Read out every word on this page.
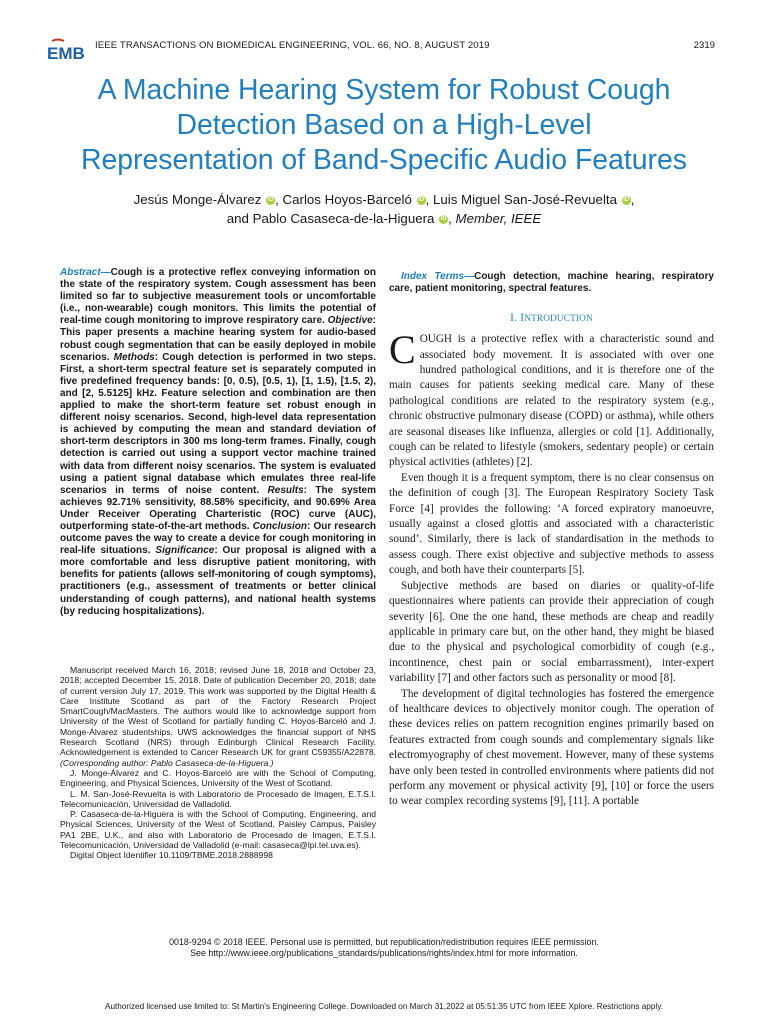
EMB IEEE TRANSACTIONS ON BIOMEDICAL ENGINEERING, VOL. 66, NO. 8, AUGUST 2019	2319
A Machine Hearing System for Robust Cough
Detection Based on a High-Level
Representation of Band-Specific Audio Features
Jesús Monge-Álvarez iD , Carlos Hoyos-Barceló iD , Luis Miguel San-José-Revuelta iD ,
and Pablo Casaseca-de-la-Higuera iD , Member, IEEE
Abstract—Cough is a protective reflex conveying information on the state of the respiratory system. Cough assessment has been limited so far to subjective measurement tools or uncomfortable (i.e., non-wearable) cough monitors. This limits the potential of real-time cough monitoring to improve respiratory care. Objective: This paper presents a machine hearing system for audio-based robust cough segmentation that can be easily deployed in mobile scenarios. Methods: Cough detection is performed in two steps. First, a short-term spectral feature set is separately computed in five predefined frequency bands: [0, 0.5), [0.5, 1), [1, 1.5), [1.5, 2), and [2, 5.5125] kHz. Feature selection and combination are then applied to make the short-term feature set robust enough in different noisy scenarios. Second, high-level data representation is achieved by computing the mean and standard deviation of short-term descriptors in 300 ms long-term frames. Finally, cough detection is carried out using a support vector machine trained with data from different noisy scenarios. The system is evaluated using a patient signal database which emulates three real-life scenarios in terms of noise content. Results: The system achieves 92.71% sensitivity, 88.58% specificity, and 90.69% Area Under Receiver Operating Charteristic (ROC) curve (AUC), outperforming state-of-the-art methods. Conclusion: Our research outcome paves the way to create a device for cough monitoring in real-life situations. Significance: Our proposal is aligned with a more comfortable and less disruptive patient monitoring, with benefits for patients (allows self-monitoring of cough symptoms), practitioners (e.g., assessment of treatments or better clinical understanding of cough patterns), and national health systems (by reducing hospitalizations).

Manuscript received March 16, 2018; revised June 18, 2018 and October 23, 2018; accepted December 15, 2018. Date of publication December 20, 2018; date of current version July 17, 2019. This work was supported by the Digital Health & Care Institute Scotland as part of the Factory Research Project SmartCough/MacMasters. The authors would like to acknowledge support from University of the West of Scotland for partially funding C. Hoyos-Barceló and J. Monge-Álvarez studentships. UWS acknowledges the financial support of NHS Research Scotland (NRS) through Edinburgh Clinical Research Facility. Acknowledgement is extended to Cancer Research UK for grant C59355/A22878. (Corresponding author: Pablo Casaseca-de-la-Higuera.)

J. Monge-Álvarez and C. Hoyos-Barceló are with the School of Computing, Engineering, and Physical Sciences, University of the West of Scotland.

L. M. San-José-Revuelta is with Laboratorio de Procesado de Imagen, E.T.S.I. Telecomunicación, Universidad de Valladolid.

P. Casaseca-de-la-Higuera is with the School of Computing, Engineering, and Physical Sciences, University of the West of Scotland, Paisley Campus, Paisley PA1 2BE, U.K., and also with Laboratorio de Procesado de Imagen, E.T.S.I. Telecomunicación, Universidad de Valladolid (e-mail: casaseca@lpi.tel.uva.es).

Digital Object Identifier 10.1109/TBME.2018.2888998

Index Terms—Cough detection, machine hearing, respiratory care, patient monitoring, spectral features.

I. INTRODUCTION

COUGH is a protective reflex with a characteristic sound and associated body movement. It is associated with over one hundred pathological conditions, and it is therefore one of the main causes for patients seeking medical care. Many of these pathological conditions are related to the respiratory system (e.g., chronic obstructive pulmonary disease (COPD) or asthma), while others are seasonal diseases like influenza, allergies or cold [1]. Additionally, cough can be related to lifestyle (smokers, sedentary people) or certain physical activities (athletes) [2].

Even though it is a frequent symptom, there is no clear consensus on the definition of cough [3]. The European Respiratory Society Task Force [4] provides the following: ‘A forced expiratory manoeuvre, usually against a closed glottis and associated with a characteristic sound’. Similarly, there is lack of standardisation in the methods to assess cough. There exist objective and subjective methods to assess cough, and both have their counterparts [5].

Subjective methods are based on diaries or quality-of-life questionnaires where patients can provide their appreciation of cough severity [6]. One the one hand, these methods are cheap and readily applicable in primary care but, on the other hand, they might be biased due to the physical and psychological comorbidity of cough (e.g., incontinence, chest pain or social embarrassment), inter-expert variability [7] and other factors such as personality or mood [8].

The development of digital technologies has fostered the emergence of healthcare devices to objectively monitor cough. The operation of these devices relies on pattern recognition engines primarily based on features extracted from cough sounds and complementary signals like electromyography of chest movement. However, many of these systems have only been tested in controlled environments where patients did not perform any movement or physical activity [9], [10] or force the users to wear complex recording systems [9], [11]. A portable

0018-9294 © 2018 IEEE. Personal use is permitted, but republication/redistribution requires IEEE permission.
See http://www.ieee.org/publications_standards/publications/rights/index.html for more information.
Authorized licensed use limited to: St Martin's Engineering College. Downloaded on March 31,2022 at 05:51:35 UTC from IEEE Xplore. Restrictions apply.
